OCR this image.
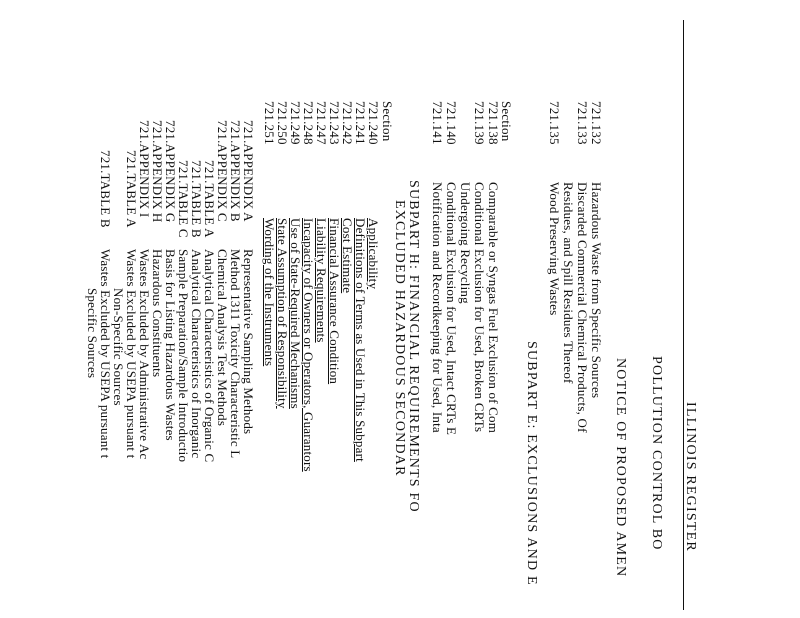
ILLINOIS REGISTER
POLLUTION CONTROL BO
NOTICE OF PROPOSED AMEN
721.132
Hazardous Waste from Specific Sources
721.133
Discarded Commercial Chemical Products, Of
Residues, and Spill Residues Thereof
721.135
Wood Preserving Wastes
SUBPART E: EXCLUSIONS AND E
Section
721.138
Comparable or Syngas Fuel Exclusion of Com
721.139
Conditional Exclusion for Used, Broken CRTs
Undergoing Recycling
721.140
Conditional Exclusion for Used, Intact CRTs E
721.141
Notification and Recordkeeping for Used, Inta
SUBPART H: FINANCIAL REQUIREMENTS FO
EXCLUDED HAZARDOUS SECONDAR
Section
721.240
Applicability
721.241
Definitions of Terms as Used in This Subpart
721.242
Cost Estimate
721.243
Financial Assurance Condition
721.247
Liability Requirements
721.248
Incapacity of Owners or Operators, Guarantors
721.249
Use of State-Required Mechanisms
721.250
State Assumption of Responsibility
721.251
Wording of the Instruments
721.APPENDIX A
Representative Sampling Methods
721.APPENDIX B
Method 1311 Toxicity Characteristic L
721.APPENDIX C
Chemical Analysis Test Methods
721.TABLE A
Analytical Characteristics of Organic C
721.TABLE B
Analytical Characteristics of Inorganic
721.TABLE C
Sample Preparation/Sample Introductio
721.APPENDIX G
Basis for Listing Hazardous Wastes
721.APPENDIX H
Hazardous Constituents
721.APPENDIX I
Wastes Excluded by Administrative Ac
721.TABLE A
Wastes Excluded by USEPA pursuant t
Non-Specific Sources
721.TABLE B
Wastes Excluded by USEPA pursuant t
Specific Sources
